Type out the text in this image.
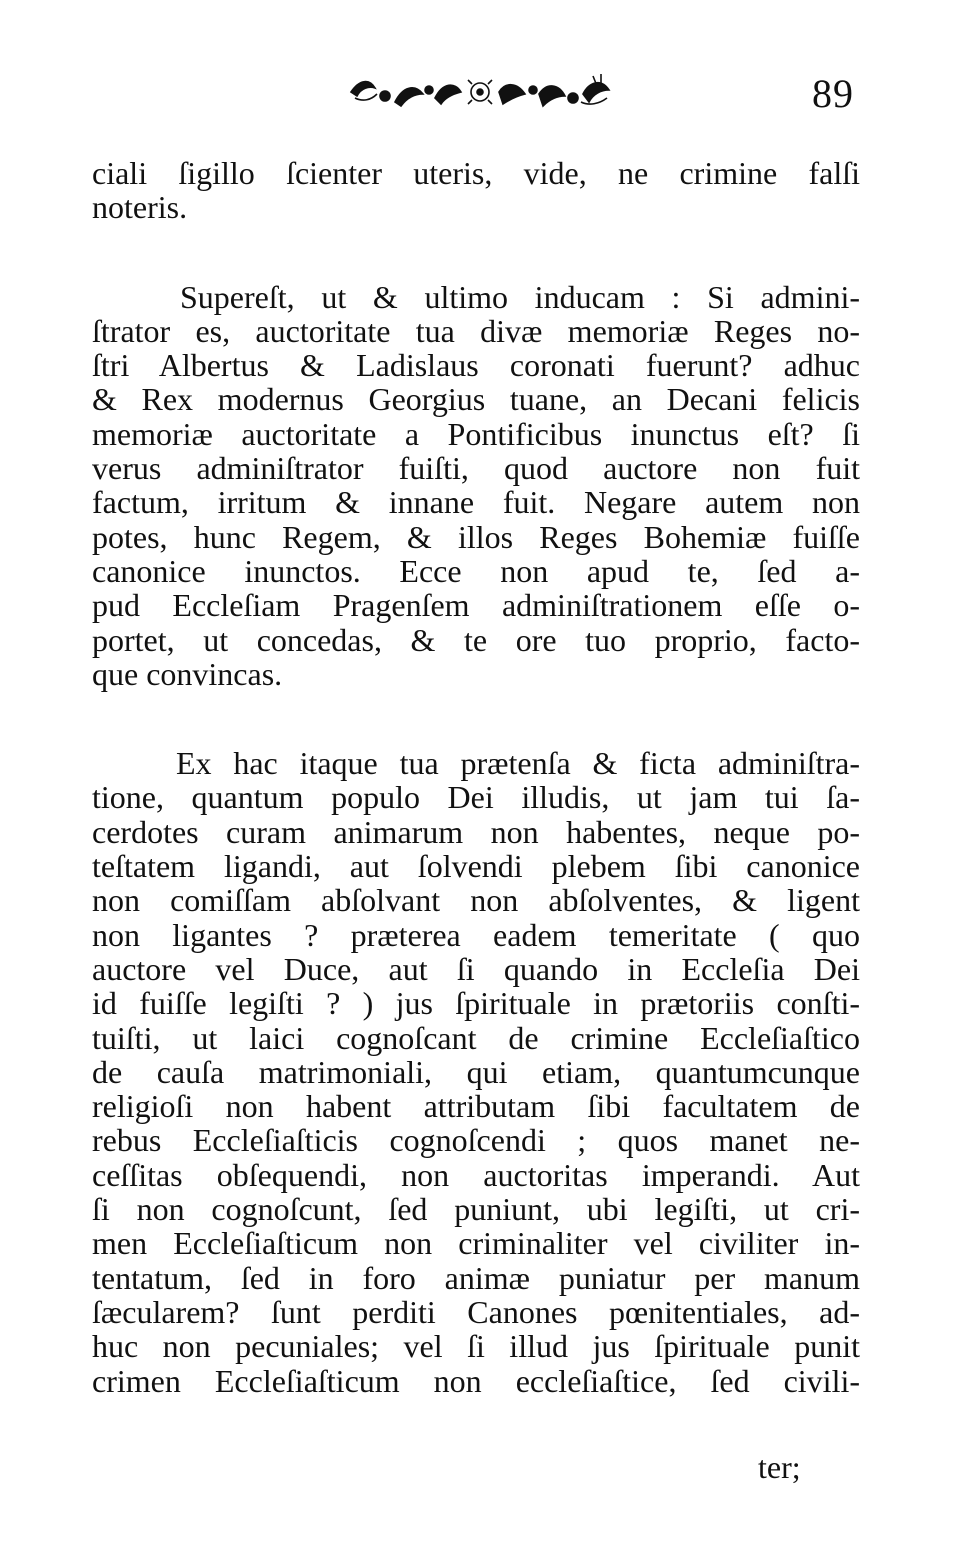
89
ciali ſigillo ſcienter uteris, vide, ne crimine falſi
noteris.
Supereſt, ut & ultimo inducam : Si admini-
ſtrator es, auctoritate tua divæ memoriæ Reges no-
ſtri Albertus & Ladislaus coronati fuerunt? adhuc
& Rex modernus Georgius tuane, an Decani felicis
memoriæ auctoritate a Pontificibus inunctus eſt? ſi
verus adminiſtrator fuiſti, quod auctore non fuit
factum, irritum & innane fuit. Negare autem non
potes, hunc Regem, & illos Reges Bohemiæ fuiſſe
canonice inunctos. Ecce non apud te, ſed a-
pud Eccleſiam Pragenſem adminiſtrationem eſſe o-
portet, ut concedas, & te ore tuo proprio, facto-
que convincas.
Ex hac itaque tua prætenſa & ficta adminiſtra-
tione, quantum populo Dei illudis, ut jam tui ſa-
cerdotes curam animarum non habentes, neque po-
teſtatem ligandi, aut ſolvendi plebem ſibi canonice
non comiſſam abſolvant non abſolventes, & ligent
non ligantes ? præterea eadem temeritate ( quo
auctore vel Duce, aut ſi quando in Eccleſia Dei
id fuiſſe legiſti ? ) jus ſpirituale in prætoriis conſti-
tuiſti, ut laici cognoſcant de crimine Eccleſiaſtico
de cauſa matrimoniali, qui etiam, quantumcunque
religioſi non habent attributam ſibi facultatem de
rebus Eccleſiaſticis cognoſcendi ; quos manet ne-
ceſſitas obſequendi, non auctoritas imperandi. Aut
ſi non cognoſcunt, ſed puniunt, ubi legiſti, ut cri-
men Eccleſiaſticum non criminaliter vel civiliter in-
tentatum, ſed in foro animæ puniatur per manum
ſæcularem? ſunt perditi Canones pœnitentiales, ad-
huc non pecuniales; vel ſi illud jus ſpirituale punit
crimen Eccleſiaſticum non eccleſiaſtice, ſed civili-
ter;
